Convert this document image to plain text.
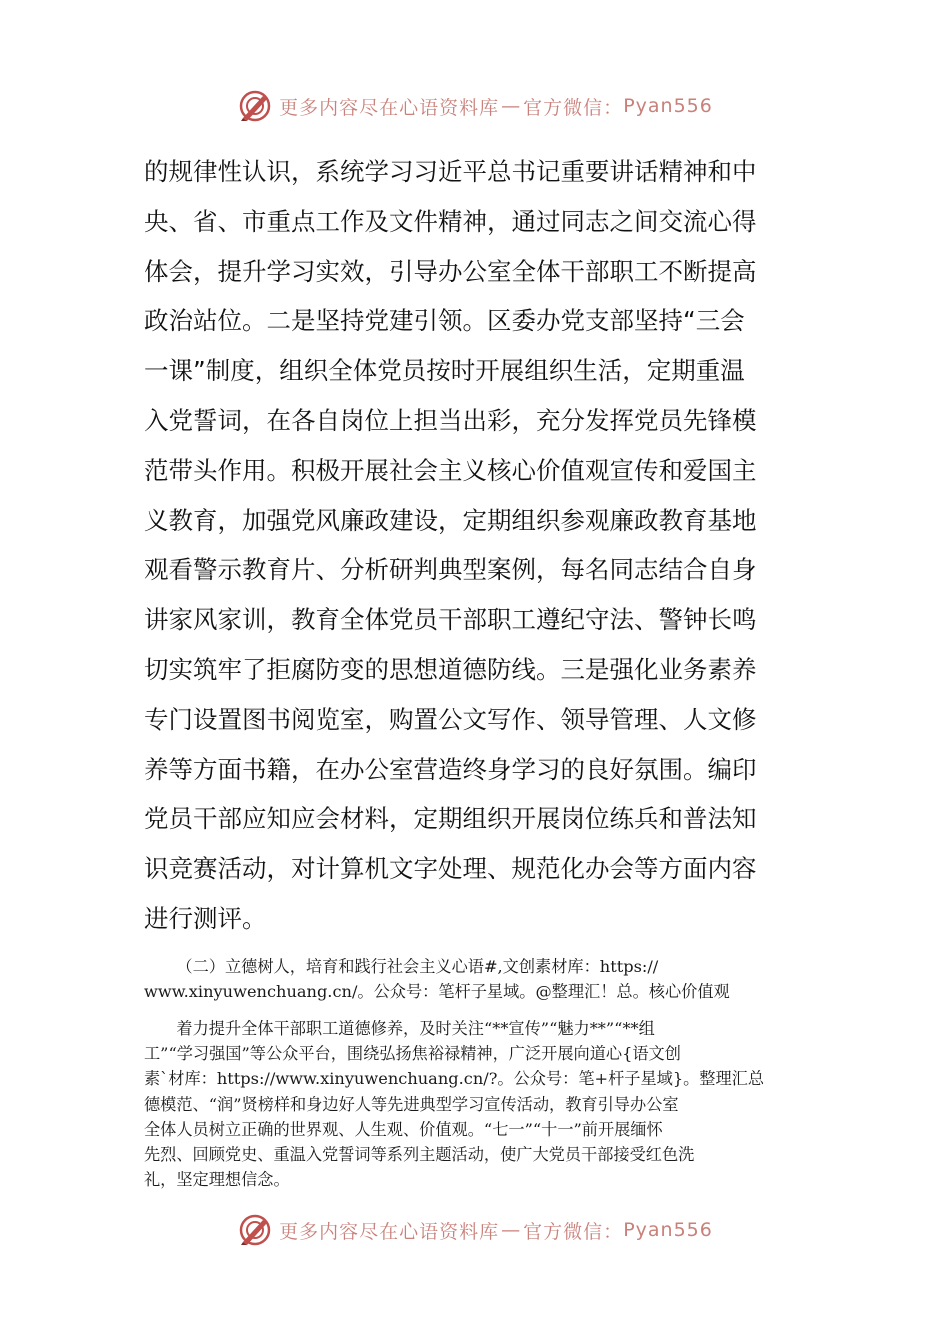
更多内容尽在心语资料库 — 官方微信： Pyan556
的规律性认识，系统学习习近平总书记重要讲话精神和中
央、省、市重点工作及文件精神，通过同志之间交流心得
体会，提升学习实效，引导办公室全体干部职工不断提高
政治站位。二是坚持党建引领。区委办党支部坚持“三会
一课”制度，组织全体党员按时开展组织生活，定期重温
入党誓词，在各自岗位上担当出彩，充分发挥党员先锋模
范带头作用。积极开展社会主义核心价值观宣传和爱国主
义教育，加强党风廉政建设，定期组织参观廉政教育基地
观看警示教育片、分析研判典型案例，每名同志结合自身
讲家风家训，教育全体党员干部职工遵纪守法、警钟长鸣
切实筑牢了拒腐防变的思想道德防线。三是强化业务素养
专门设置图书阅览室，购置公文写作、领导管理、人文修
养等方面书籍，在办公室营造终身学习的良好氛围。编印
党员干部应知应会材料，定期组织开展岗位练兵和普法知
识竞赛活动，对计算机文字处理、规范化办会等方面内容
进行测评。
（二）立德树人，培育和践行社会主义心语#,文创素材库：https://
www.xinyuwenchuang.cn/。公众号：笔杆子星域。@整理汇！总。核心价值观
着力提升全体干部职工道德修养，及时关注“**宣传”“魅力**”“**组
工”“学习强国”等公众平台，围绕弘扬焦裕禄精神，广泛开展向道心{语文创
素`材库：https://www.xinyuwenchuang.cn/?。公众号：笔+杆子星域}。整理汇总
德模范、“润”贤榜样和身边好人等先进典型学习宣传活动，教育引导办公室
全体人员树立正确的世界观、人生观、价值观。“七一”“十一”前开展缅怀
先烈、回顾党史、重温入党誓词等系列主题活动，使广大党员干部接受红色洗
礼，坚定理想信念。
更多内容尽在心语资料库 — 官方微信： Pyan556
